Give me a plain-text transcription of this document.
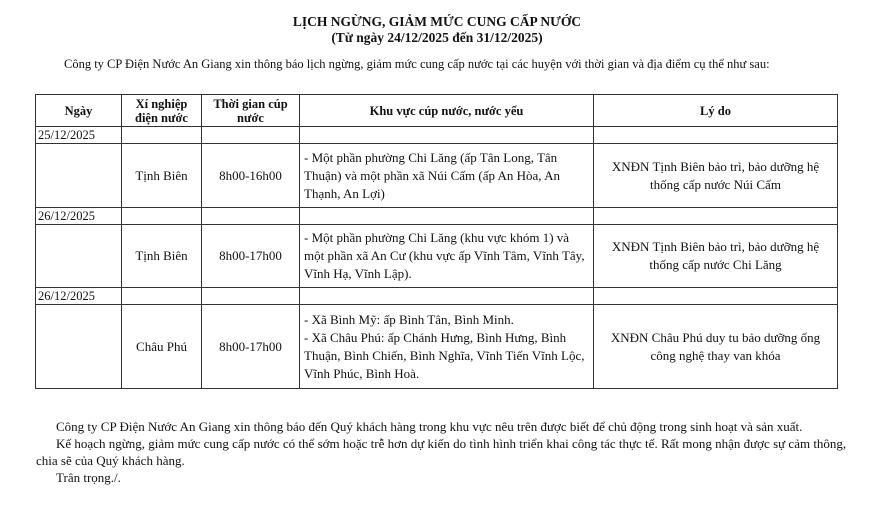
LỊCH NGỪNG, GIẢM MỨC CUNG CẤP NƯỚC
(Từ ngày 24/12/2025 đến 31/12/2025)
Công ty CP Điện Nước An Giang xin thông báo lịch ngừng, giảm mức cung cấp nước tại các huyện với thời gian và địa điểm cụ thể như sau:
Ngày	Xí nghiệp điện nước	Thời gian cúp nước	Khu vực cúp nước, nước yếu	Lý do
25/12/2025				
	Tịnh Biên	8h00-16h00	- Một phần phường Chi Lăng (ấp Tân Long, Tân Thuận) và một phần xã Núi Cấm (ấp An Hòa, An Thạnh, An Lợi)	XNĐN Tịnh Biên bảo trì, bảo dưỡng hệ thống cấp nước Núi Cấm
26/12/2025				
	Tịnh Biên	8h00-17h00	- Một phần phường Chi Lăng (khu vực khóm 1) và một phần xã An Cư (khu vực ấp Vĩnh Tâm, Vĩnh Tây, Vĩnh Hạ, Vĩnh Lập).	XNĐN Tịnh Biên bảo trì, bảo dưỡng hệ thống cấp nước Chi Lăng
26/12/2025				
	Châu Phú	8h00-17h00	- Xã Bình Mỹ: ấp Bình Tân, Bình Minh.
- Xã Châu Phú: ấp Chánh Hưng, Bình Hưng, Bình Thuận, Bình Chiến, Bình Nghĩa, Vĩnh Tiến Vĩnh Lộc, Vĩnh Phúc, Bình Hoà.	XNĐN Châu Phú duy tu bảo dưỡng ống công nghệ thay van khóa

Công ty CP Điện Nước An Giang xin thông báo đến Quý khách hàng trong khu vực nêu trên được biết để chủ động trong sinh hoạt và sản xuất.

Kế hoạch ngừng, giảm mức cung cấp nước có thể sớm hoặc trễ hơn dự kiến do tình hình triển khai công tác thực tế. Rất mong nhận được sự cảm thông, chia sẽ của Quý khách hàng.

Trân trọng./.
